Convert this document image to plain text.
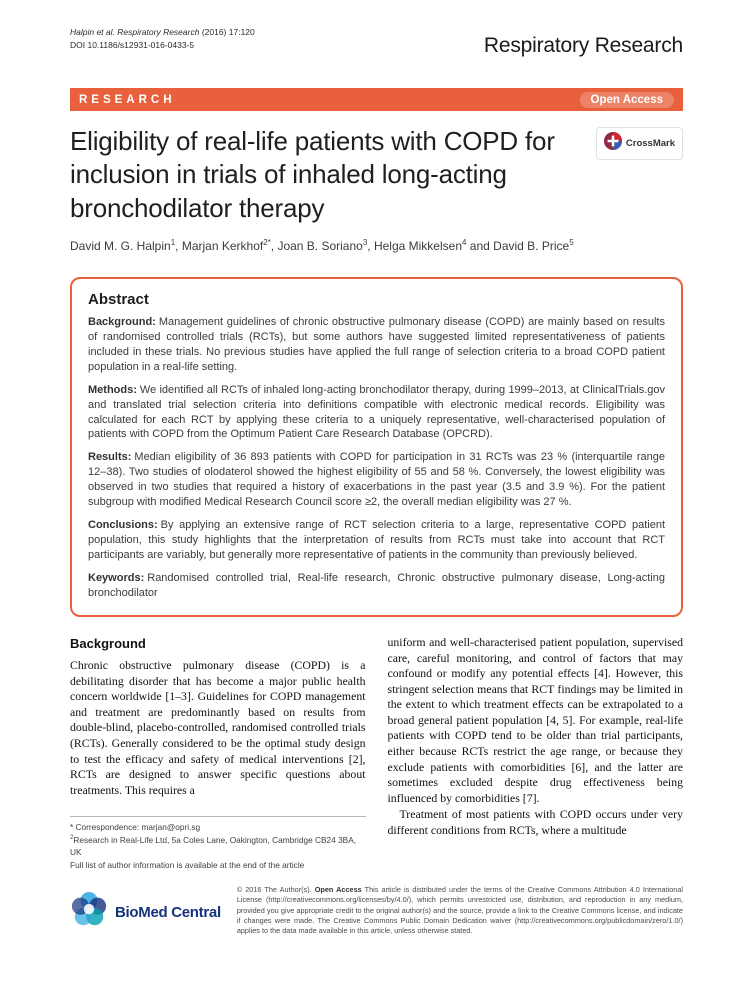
Halpin et al. Respiratory Research (2016) 17:120
DOI 10.1186/s12931-016-0433-5	Respiratory Research
RESEARCH	Open Access
Eligibility of real-life patients with COPD for inclusion in trials of inhaled long-acting bronchodilator therapy
CrossMark
David M. G. Halpin$^1$, Marjan Kerkhof$^{2*}$, Joan B. Soriano$^3$, Helga Mikkelsen$^4$ and David B. Price$^5$
Abstract

Background: Management guidelines of chronic obstructive pulmonary disease (COPD) are mainly based on results of randomised controlled trials (RCTs), but some authors have suggested limited representativeness of patients included in these trials. No previous studies have applied the full range of selection criteria to a broad COPD patient population in a real-life setting.

Methods: We identified all RCTs of inhaled long-acting bronchodilator therapy, during 1999–2013, at ClinicalTrials.gov and translated trial selection criteria into definitions compatible with electronic medical records. Eligibility was calculated for each RCT by applying these criteria to a uniquely representative, well-characterised population of patients with COPD from the Optimum Patient Care Research Database (OPCRD).

Results: Median eligibility of 36 893 patients with COPD for participation in 31 RCTs was 23 % (interquartile range 12–38). Two studies of olodaterol showed the highest eligibility of 55 and 58 %. Conversely, the lowest eligibility was observed in two studies that required a history of exacerbations in the past year (3.5 and 3.9 %). For the patient subgroup with modified Medical Research Council score ≥2, the overall median eligibility was 27 %.

Conclusions: By applying an extensive range of RCT selection criteria to a large, representative COPD patient population, this study highlights that the interpretation of results from RCTs must take into account that RCT participants are variably, but generally more representative of patients in the community than previously believed.

Keywords: Randomised controlled trial, Real-life research, Chronic obstructive pulmonary disease, Long-acting bronchodilator

Background

Chronic obstructive pulmonary disease (COPD) is a debilitating disorder that has become a major public health concern worldwide [1–3]. Guidelines for COPD management and treatment are predominantly based on results from double-blind, placebo-controlled, randomised controlled trials (RCTs). Generally considered to be the optimal study design to test the efficacy and safety of medical interventions [2], RCTs are designed to answer specific questions about treatments. This requires a

* Correspondence: marjan@opri.sg
$^2$Research in Real-Life Ltd, 5a Coles Lane, Oakington, Cambridge CB24 3BA, UK
Full list of author information is available at the end of the article

uniform and well-characterised patient population, supervised care, careful monitoring, and control of factors that may confound or modify any potential effects [4]. However, this stringent selection means that RCT findings may be limited in the extent to which treatment effects can be extrapolated to a broad general patient population [4, 5]. For example, real-life patients with COPD tend to be older than trial participants, either because RCTs restrict the age range, or because they exclude patients with comorbidities [6], and the latter are sometimes excluded despite drug effectiveness being influenced by comorbidities [7].

Treatment of most patients with COPD occurs under very different conditions from RCTs, where a multitude

BioMed Central

© 2016 The Author(s). Open Access This article is distributed under the terms of the Creative Commons Attribution 4.0 International License (http://creativecommons.org/licenses/by/4.0/), which permits unrestricted use, distribution, and reproduction in any medium, provided you give appropriate credit to the original author(s) and the source, provide a link to the Creative Commons license, and indicate if changes were made. The Creative Commons Public Domain Dedication waiver (http://creativecommons.org/publicdomain/zero/1.0/) applies to the data made available in this article, unless otherwise stated.
